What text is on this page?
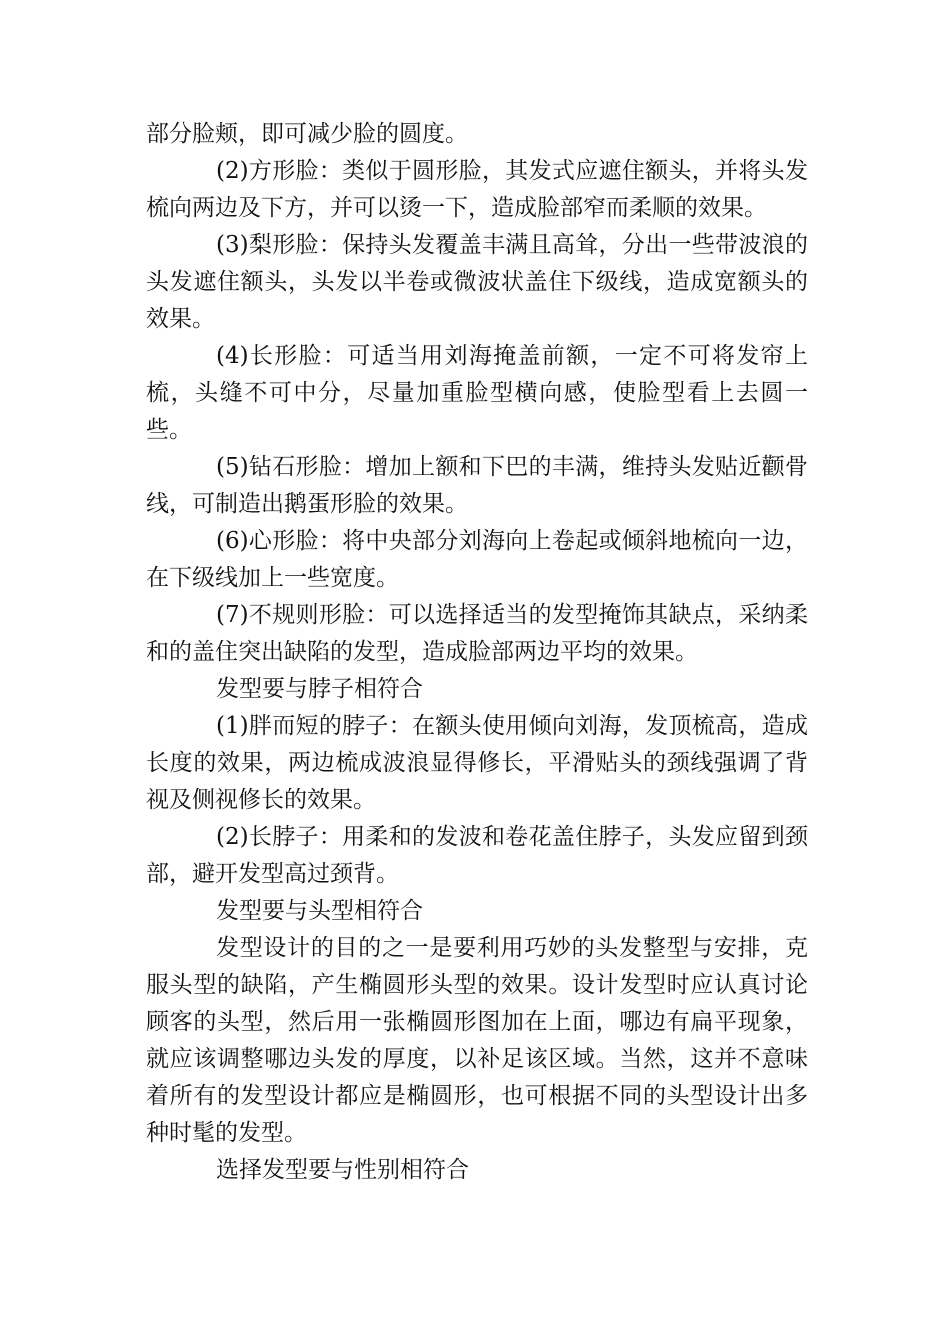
部分脸颊，即可减少脸的圆度。

(2)方形脸：类似于圆形脸，其发式应遮住额头，并将头发梳向两边及下方，并可以烫一下，造成脸部窄而柔顺的效果。

(3)梨形脸：保持头发覆盖丰满且高耸，分出一些带波浪的头发遮住额头，头发以半卷或微波状盖住下级线，造成宽额头的效果。

(4)长形脸：可适当用刘海掩盖前额，一定不可将发帘上梳，头缝不可中分，尽量加重脸型横向感，使脸型看上去圆一些。

(5)钻石形脸：增加上额和下巴的丰满，维持头发贴近颧骨线，可制造出鹅蛋形脸的效果。

(6)心形脸：将中央部分刘海向上卷起或倾斜地梳向一边，在下级线加上一些宽度。

(7)不规则形脸：可以选择适当的发型掩饰其缺点，采纳柔和的盖住突出缺陷的发型，造成脸部两边平均的效果。

发型要与脖子相符合

(1)胖而短的脖子：在额头使用倾向刘海，发顶梳高，造成长度的效果，两边梳成波浪显得修长，平滑贴头的颈线强调了背视及侧视修长的效果。

(2)长脖子：用柔和的发波和卷花盖住脖子，头发应留到颈部，避开发型高过颈背。

发型要与头型相符合

发型设计的目的之一是要利用巧妙的头发整型与安排，克服头型的缺陷，产生椭圆形头型的效果。设计发型时应认真讨论顾客的头型，然后用一张椭圆形图加在上面，哪边有扁平现象，就应该调整哪边头发的厚度，以补足该区域。当然，这并不意味着所有的发型设计都应是椭圆形，也可根据不同的头型设计出多种时髦的发型。

选择发型要与性别相符合
